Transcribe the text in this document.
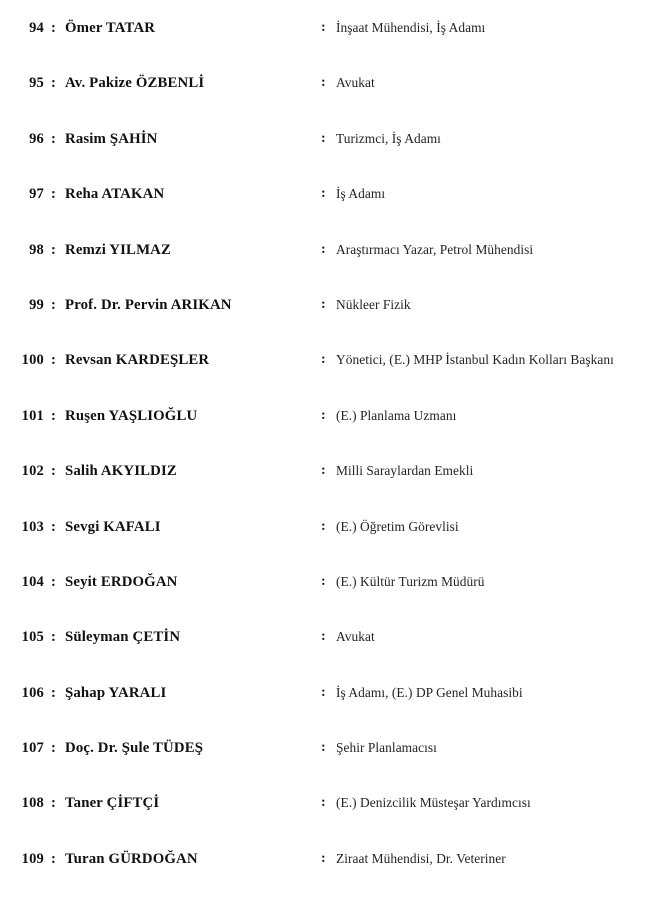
94 : Ömer TATAR	: İnşaat Mühendisi, İş Adamı
95 : Av. Pakize ÖZBENLİ	: Avukat
96 : Rasim ŞAHİN	: Turizmci, İş Adamı
97 : Reha ATAKAN	: İş Adamı
98 : Remzi YILMAZ	: Araştırmacı Yazar, Petrol Mühendisi
99 : Prof. Dr. Pervin ARIKAN	: Nükleer Fizik
100 : Revsan KARDEŞLER	: Yönetici, (E.) MHP İstanbul Kadın Kolları Başkanı
101 : Ruşen YAŞLIOĞLU	: (E.) Planlama Uzmanı
102 : Salih AKYILDIZ	: Milli Saraylardan Emekli
103 : Sevgi KAFALI	: (E.) Öğretim Görevlisi
104 : Seyit ERDOĞAN	: (E.) Kültür Turizm Müdürü
105 : Süleyman ÇETİN	: Avukat
106 : Şahap YARALI	: İş Adamı, (E.) DP Genel Muhasibi
107 : Doç. Dr. Şule TÜDEŞ	: Şehir Planlamacısı
108 : Taner ÇİFTÇİ	: (E.) Denizcilik Müsteşar Yardımcısı
109 : Turan GÜRDOĞAN	: Ziraat Mühendisi, Dr. Veteriner
